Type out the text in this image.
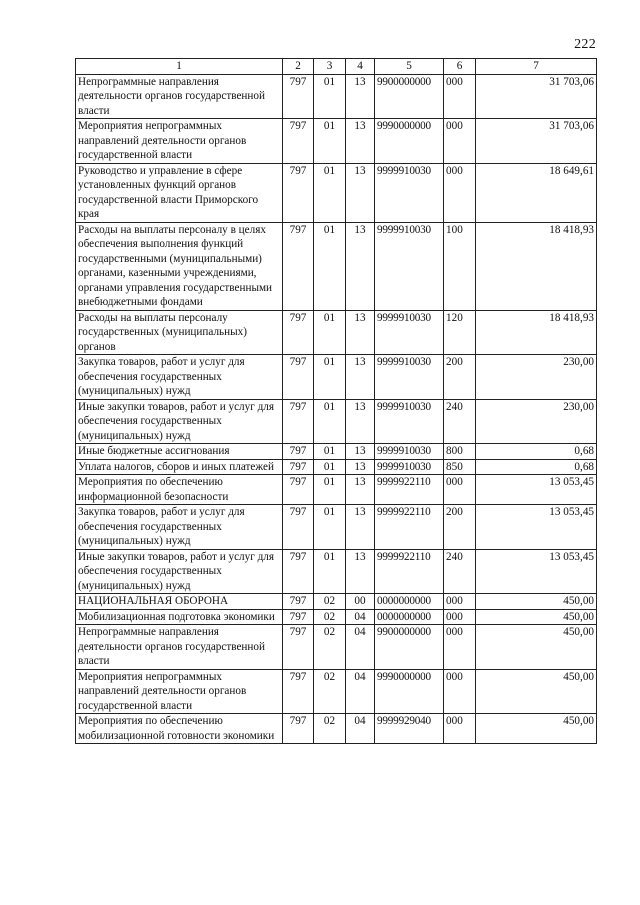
222
1	2	3	4	5	6	7
Непрограммные направления деятельности органов государственной власти	797	01	13	9900000000	000	31 703,06
Мероприятия непрограммных направлений деятельности органов государственной власти	797	01	13	9990000000	000	31 703,06
Руководство и управление в сфере установленных функций органов государственной власти Приморского края	797	01	13	9999910030	000	18 649,61
Расходы на выплаты персоналу в целях обеспечения выполнения функций государственными (муниципальными) органами, казенными учреждениями, органами управления государственными внебюджетными фондами	797	01	13	9999910030	100	18 418,93
Расходы на выплаты персоналу государственных (муниципальных) органов	797	01	13	9999910030	120	18 418,93
Закупка товаров, работ и услуг для обеспечения государственных (муниципальных) нужд	797	01	13	9999910030	200	230,00
Иные закупки товаров, работ и услуг для обеспечения государственных (муниципальных) нужд	797	01	13	9999910030	240	230,00
Иные бюджетные ассигнования	797	01	13	9999910030	800	0,68
Уплата налогов, сборов и иных платежей	797	01	13	9999910030	850	0,68
Мероприятия по обеспечению информационной безопасности	797	01	13	9999922110	000	13 053,45
Закупка товаров, работ и услуг для обеспечения государственных (муниципальных) нужд	797	01	13	9999922110	200	13 053,45
Иные закупки товаров, работ и услуг для обеспечения государственных (муниципальных) нужд	797	01	13	9999922110	240	13 053,45
НАЦИОНАЛЬНАЯ ОБОРОНА	797	02	00	0000000000	000	450,00
Мобилизационная подготовка экономики	797	02	04	0000000000	000	450,00
Непрограммные направления деятельности органов государственной власти	797	02	04	9900000000	000	450,00
Мероприятия непрограммных направлений деятельности органов государственной власти	797	02	04	9990000000	000	450,00
Мероприятия по обеспечению мобилизационной готовности экономики	797	02	04	9999929040	000	450,00
